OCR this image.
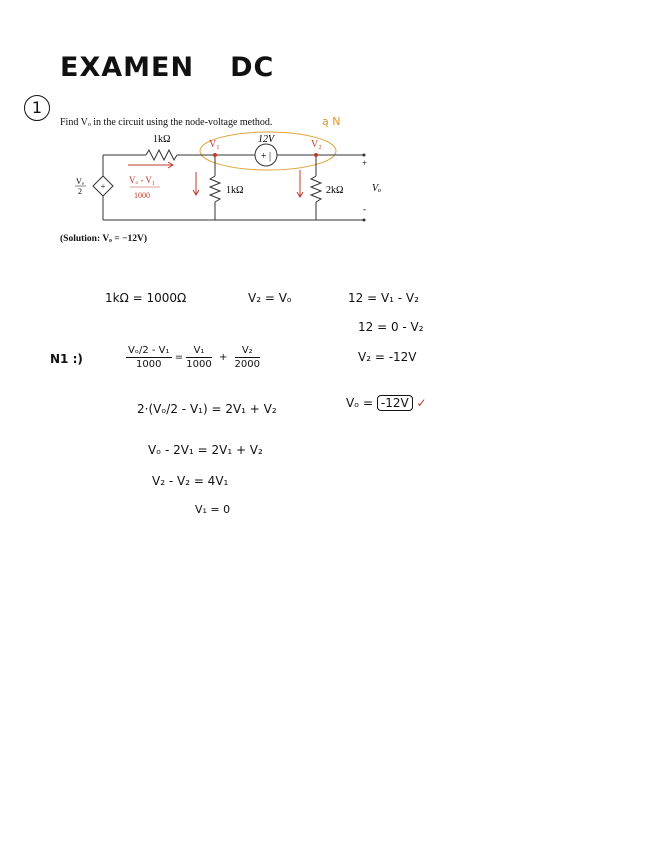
EXAMEN DC
1
Find Vₒ in the circuit using the node-voltage method.	ą N
1kΩ	12V
+ |
V₁	V₂
1kΩ	2kΩ
Vₒ
2
+	Vₒ
+
-
Vₒ - V₁
1000
(Solution: Vₒ = −12V)
1kΩ = 1000Ω	V₂ = Vₒ	12 = V₁ - V₂
12 = 0 - V₂
V₂ = -12V
N1 :)	$\frac{\text{Vₒ/2 - V₁}}{1000} = \frac{\text{V₁}}{1000} + \frac{\text{V₂}}{2000}$
2·(Vₒ/2 - V₁) = 2V₁ + V₂
Vₒ - 2V₁ = 2V₁ + V₂
V₂ - V₂ = 4V₁
V₁ = 0
Vₒ = -12V ✓
